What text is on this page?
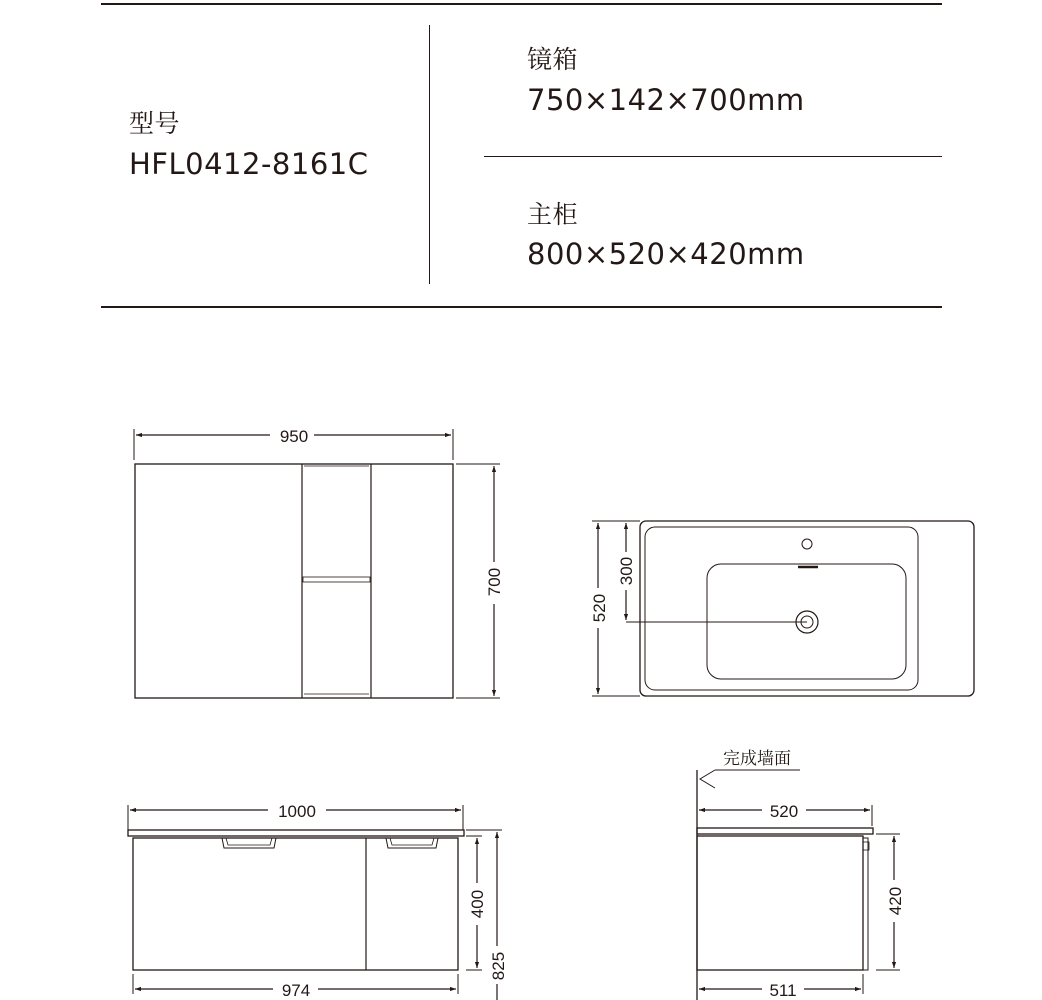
型号
HFL0412-8161C
镜箱
750×142×700mm
主柜
800×520×420mm
950
700
520
300
1000
974
400
825
完成墙面
520
511
420
